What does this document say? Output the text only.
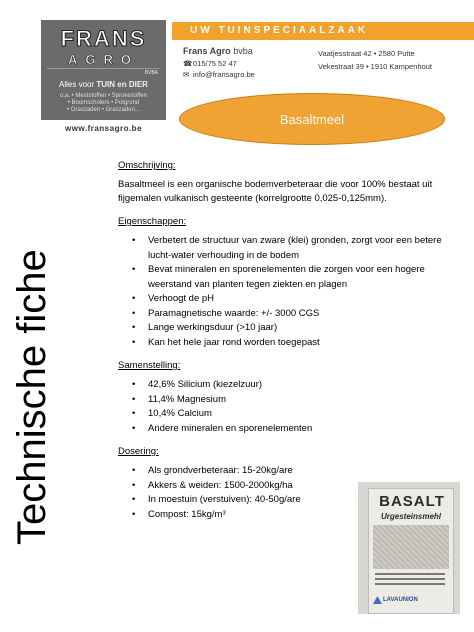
FRANS
AGRO
BVBA
Alles voor TUIN en DIER
o.a. • Meststoffen • Sproeistoffen
• Boomscholers • Potgrond
• Graszaden • Graszaden...
www.fransagro.be
UW TUINSPECIAALZAAK
Frans Agro bvba
☎015/75 52 47
✉ info@fransagro.be
Vaatjesstraat 42 • 2580 Putte
Vekestraat 39 • 1910 Kampenhout
Basaltmeel
Technische fiche
Omschrijving:
Basaltmeel is een organische bodemverbeteraar die voor 100% bestaat uit fijgemalen vulkanisch gesteente (korrelgrootte 0,025-0,125mm).
Eigenschappen:
• Verbetert de structuur van zware (klei) gronden, zorgt voor een betere lucht-water verhouding in de bodem
• Bevat mineralen en sporenelementen die zorgen voor een hogere weerstand van planten tegen ziekten en plagen
• Verhoogt de pH
• Paramagnetische waarde: +/- 3000 CGS
• Lange werkingsduur (>10 jaar)
• Kan het hele jaar rond worden toegepast
Samenstelling:
• 42,6% Silicium (kiezelzuur)
• 11,4% Magnesium
• 10,4% Calcium
• Andere mineralen en sporenelementen
Dosering:
• Als grondverbeteraar: 15-20kg/are
• Akkers & weiden: 1500-2000kg/ha
• In moestuin (verstuiven): 40-50g/are
• Compost: 15kg/m³
BASALT
Urgesteinsmehl
LAVAUNION
